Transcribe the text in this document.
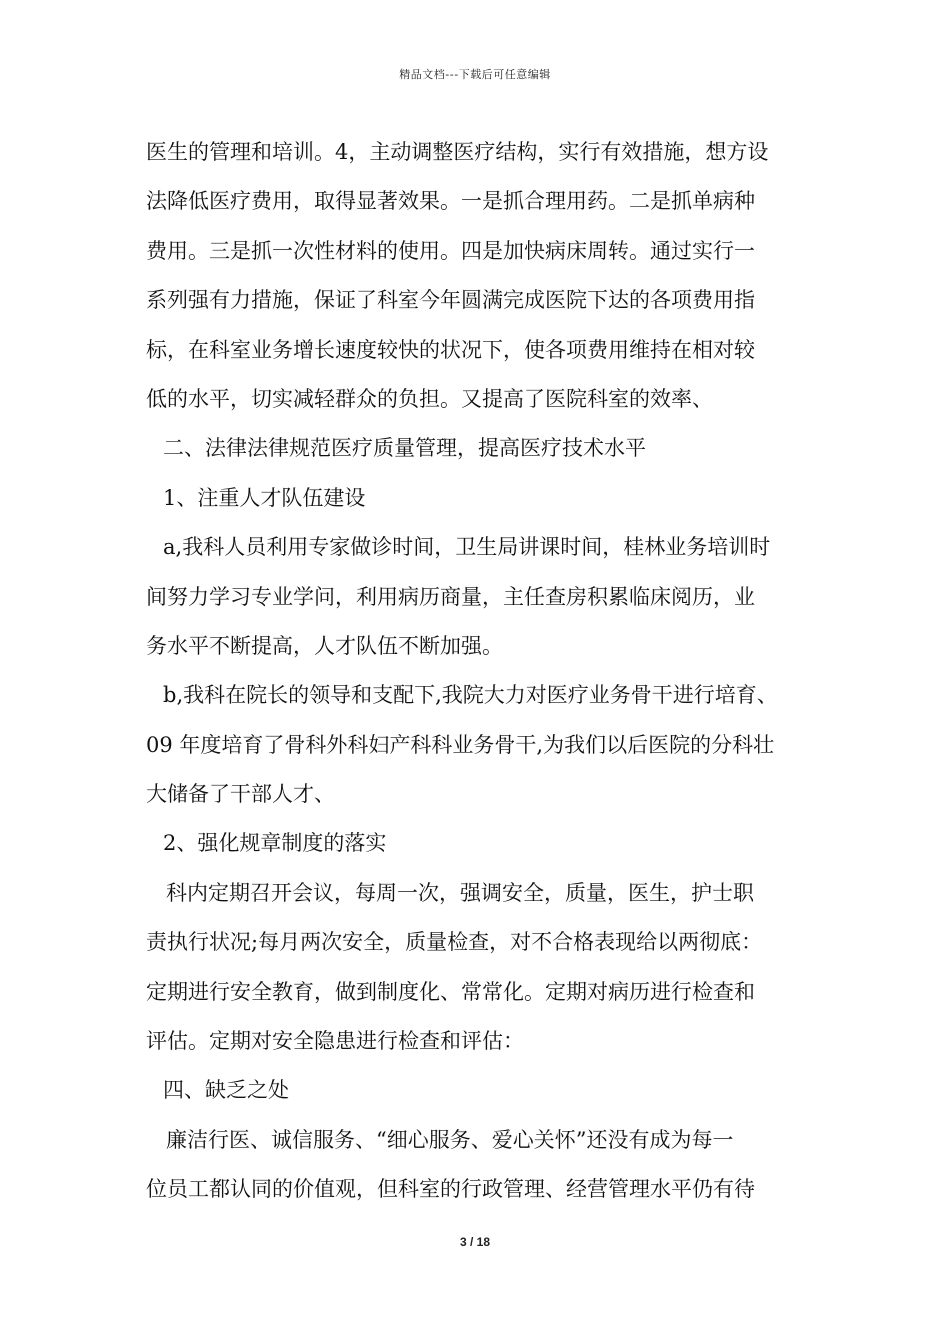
精品文档---下载后可任意编辑
医生的管理和培训。4，主动调整医疗结构，实行有效措施，想方设
法降低医疗费用，取得显著效果。一是抓合理用药。二是抓单病种
费用。三是抓一次性材料的使用。四是加快病床周转。通过实行一
系列强有力措施，保证了科室今年圆满完成医院下达的各项费用指
标，在科室业务增长速度较快的状况下，使各项费用维持在相对较
低的水平，切实减轻群众的负担。又提高了医院科室的效率、
二、法律法律规范医疗质量管理，提高医疗技术水平
1、注重人才队伍建设
a,我科人员利用专家做诊时间，卫生局讲课时间，桂林业务培训时
间努力学习专业学问，利用病历商量，主任查房积累临床阅历，业
务水平不断提高，人才队伍不断加强。
b,我科在院长的领导和支配下,我院大力对医疗业务骨干进行培育、
09 年度培育了骨科外科妇产科科业务骨干,为我们以后医院的分科壮
大储备了干部人才、
2、强化规章制度的落实
科内定期召开会议，每周一次，强调安全，质量，医生，护士职
责执行状况;每月两次安全，质量检查，对不合格表现给以两彻底：
定期进行安全教育，做到制度化、常常化。定期对病历进行检查和
评估。定期对安全隐患进行检查和评估：
四、缺乏之处
廉洁行医、诚信服务、“细心服务、爱心关怀”还没有成为每一
位员工都认同的价值观，但科室的行政管理、经营管理水平仍有待
3 / 18
